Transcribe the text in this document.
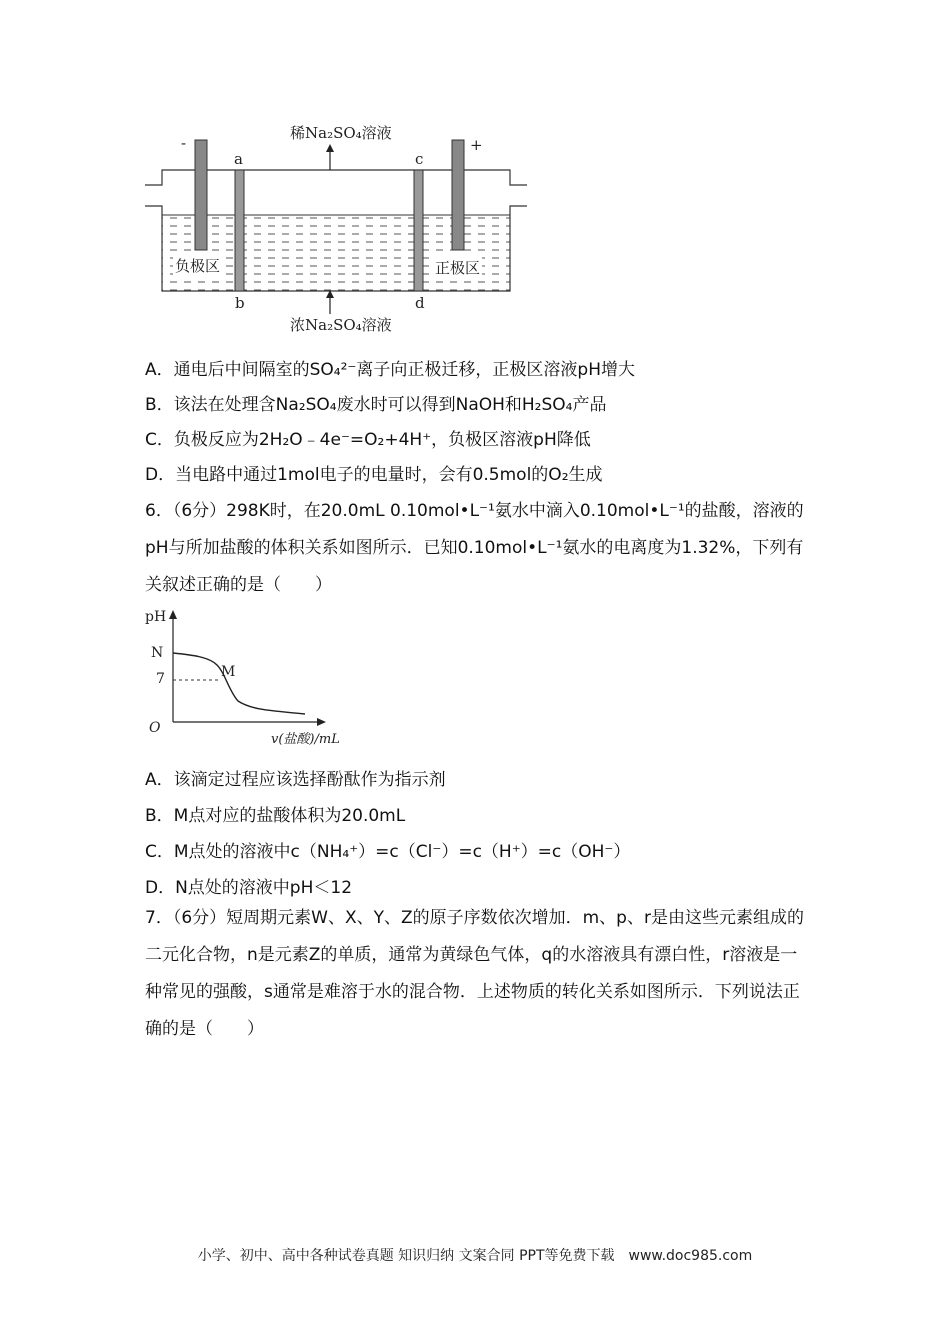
稀Na₂SO₄溶液
浓Na₂SO₄溶液
-	+
a
b
c
d
负极区	正极区
A．通电后中间隔室的SO₄²⁻离子向正极迁移，正极区溶液pH增大
B．该法在处理含Na₂SO₄废水时可以得到NaOH和H₂SO₄产品
C．负极反应为2H₂O﹣4e⁻=O₂+4H⁺，负极区溶液pH降低
D．当电路中通过1mol电子的电量时，会有0.5mol的O₂生成
6．（6分）298K时，在20.0mL 0.10mol•L⁻¹氨水中滴入0.10mol•L⁻¹的盐酸，溶液的pH与所加盐酸的体积关系如图所示．已知0.10mol•L⁻¹氨水的电离度为1.32%，下列有关叙述正确的是（　　）
pH
N
7	M
O
v(盐酸)/mL
A．该滴定过程应该选择酚酞作为指示剂
B．M点对应的盐酸体积为20.0mL
C．M点处的溶液中c（NH₄⁺）=c（Cl⁻）=c（H⁺）=c（OH⁻）
D．N点处的溶液中pH＜12
7．（6分）短周期元素W、X、Y、Z的原子序数依次增加．m、p、r是由这些元素组成的二元化合物，n是元素Z的单质，通常为黄绿色气体，q的水溶液具有漂白性，r溶液是一种常见的强酸，s通常是难溶于水的混合物．上述物质的转化关系如图所示．下列说法正确的是（　　）
小学、初中、高中各种试卷真题 知识归纳 文案合同 PPT等免费下载　www.doc985.com
